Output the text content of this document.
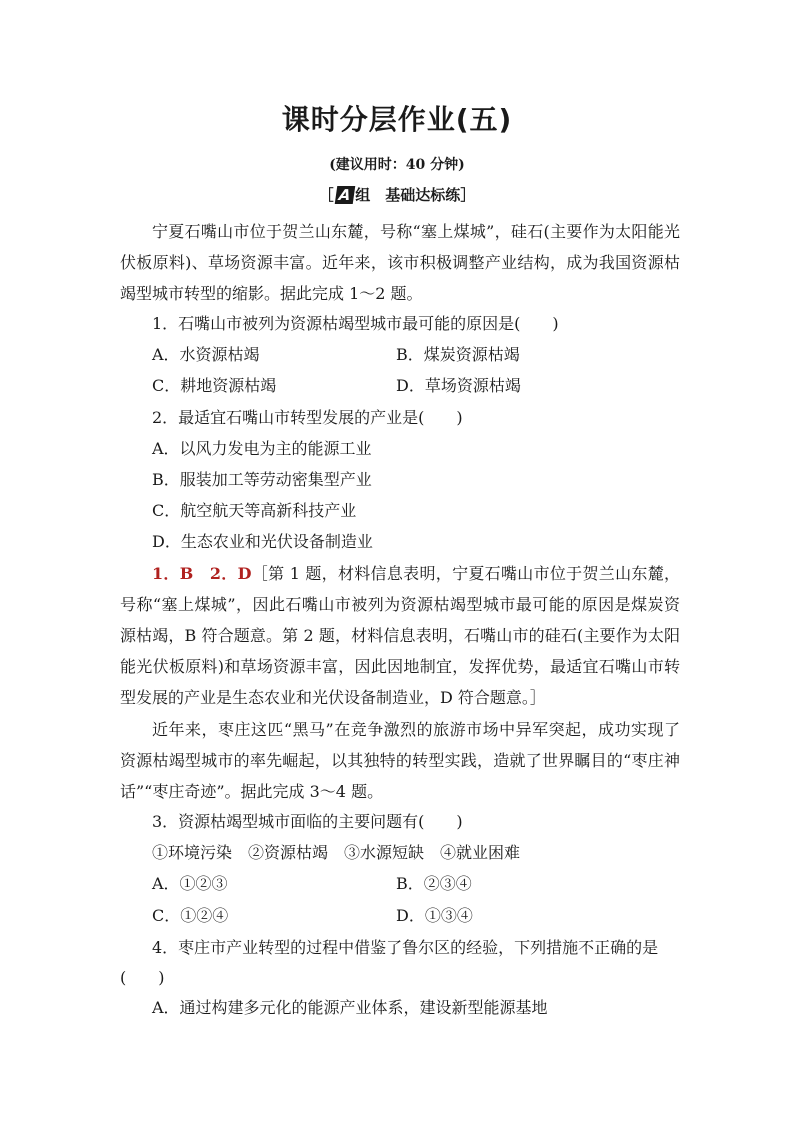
课时分层作业(五)
(建议用时：40 分钟)
［ A 组　基础达标练］

宁夏石嘴山市位于贺兰山东麓，号称“塞上煤城”，硅石(主要作为太阳能光伏板原料)、草场资源丰富。近年来，该市积极调整产业结构，成为我国资源枯竭型城市转型的缩影。据此完成 1～2 题。

1．石嘴山市被列为资源枯竭型城市最可能的原因是(　　)
A．水资源枯竭	B．煤炭资源枯竭
C．耕地资源枯竭	D．草场资源枯竭
2．最适宜石嘴山市转型发展的产业是(　　)
A．以风力发电为主的能源工业
B．服装加工等劳动密集型产业
C．航空航天等高新科技产业
D．生态农业和光伏设备制造业

1．B　2．D［第 1 题，材料信息表明，宁夏石嘴山市位于贺兰山东麓，号称“塞上煤城”，因此石嘴山市被列为资源枯竭型城市最可能的原因是煤炭资源枯竭，B 符合题意。第 2 题，材料信息表明，石嘴山市的硅石(主要作为太阳能光伏板原料)和草场资源丰富，因此因地制宜，发挥优势，最适宜石嘴山市转型发展的产业是生态农业和光伏设备制造业，D 符合题意。］

近年来，枣庄这匹“黑马”在竞争激烈的旅游市场中异军突起，成功实现了资源枯竭型城市的率先崛起，以其独特的转型实践，造就了世界瞩目的“枣庄神话”“枣庄奇迹”。据此完成 3～4 题。

3．资源枯竭型城市面临的主要问题有(　　)
①环境污染　②资源枯竭　③水源短缺　④就业困难
A．①②③	B．②③④
C．①②④	D．①③④
4．枣庄市产业转型的过程中借鉴了鲁尔区的经验，下列措施不正确的是
(　　)
A．通过构建多元化的能源产业体系，建设新型能源基地
